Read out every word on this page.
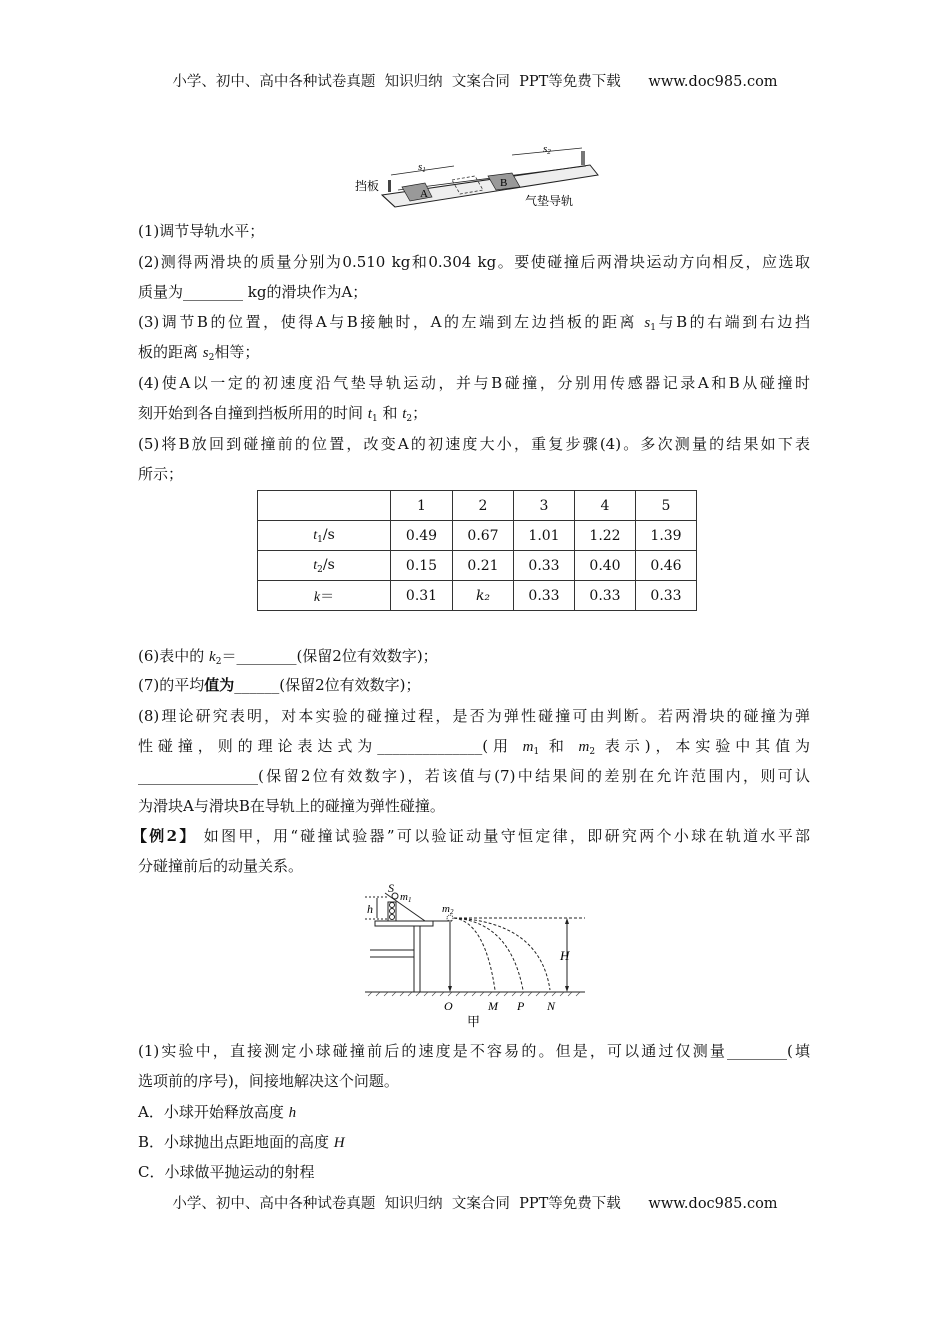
小学、初中、高中各种试卷真题  知识归纳  文案合同  PPT等免费下载      www.doc985.com
A
B
s1
s2
挡板
气垫导轨
(1)调节导轨水平；
(2)测得两滑块的质量分别为0.510 kg和0.304 kg。要使碰撞后两滑块运动方向相反，应选取
质量为________ kg的滑块作为A；
(3)调节B的位置，使得A与B接触时，A的左端到左边挡板的距离 $s_1$与B的右端到右边挡
板的距离 $s_2$相等；
(4)使A以一定的初速度沿气垫导轨运动，并与B碰撞，分别用传感器记录A和B从碰撞时
刻开始到各自撞到挡板所用的时间 $t_1$ 和 $t_2$；
(5)将B放回到碰撞前的位置，改变A的初速度大小，重复步骤(4)。多次测量的结果如下表
所示；
	1	2	3	4	5
$t_1/s$	0.49	0.67	1.01	1.22	1.39
$t_2/s$	0.15	0.21	0.33	0.40	0.46
k＝	0.31	k₂	0.33	0.33	0.33
(6)表中的 $k_2=\_\_\_\_\_\_\_\_$(保留2位有效数字)；
(7)的平均值为______(保留2位有效数字)；
(8)理论研究表明，对本实验的碰撞过程，是否为弹性碰撞可由判断。若两滑块的碰撞为弹
性碰撞，则的理论表达式为______________(用 $m_1$ 和 $m_2$ 表示)，本实验中其值为
________________(保留2位有效数字)，若该值与(7)中结果间的差别在允许范围内，则可认
为滑块A与滑块B在导轨上的碰撞为弹性碰撞。
【例2】 如图甲，用“碰撞试验器”可以验证动量守恒定律，即研究两个小球在轨道水平部
分碰撞前后的动量关系。
S
m1
m2
h
H
O	M P N
甲
(1)实验中，直接测定小球碰撞前后的速度是不容易的。但是，可以通过仅测量________(填
选项前的序号)，间接地解决这个问题。
A．小球开始释放高度 h
B．小球抛出点距地面的高度 H
C．小球做平抛运动的射程
小学、初中、高中各种试卷真题  知识归纳  文案合同  PPT等免费下载      www.doc985.com
